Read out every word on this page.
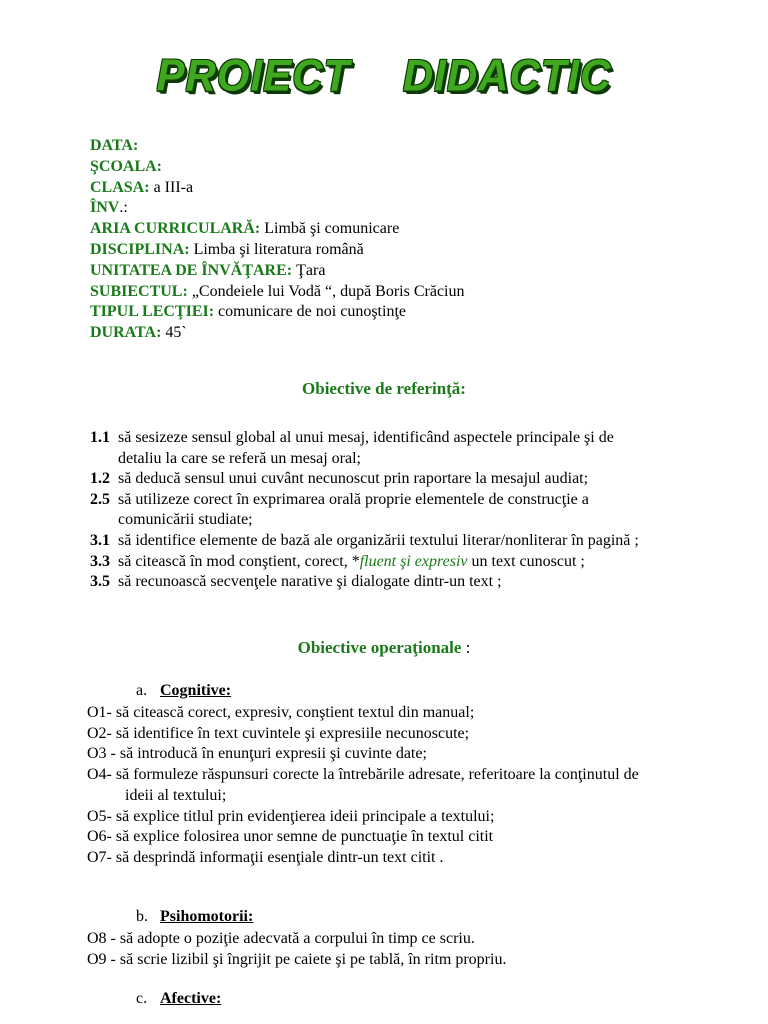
PROIECT DIDACTIC
DATA:
ŞCOALA:
CLASA: a III-a
ÎNV.:
ARIA CURRICULARĂ: Limbă şi comunicare
DISCIPLINA: Limba şi literatura română
UNITATEA DE ÎNVĂŢARE: Ţara
SUBIECTUL: „Condeiele lui Vodă “, după Boris Crăciun
TIPUL LECŢIEI: comunicare de noi cunoştinţe
DURATA: 45`
Obiective de referinţă:
1.1 să sesizeze sensul global al unui mesaj, identificând aspectele principale şi de
detaliu la care se referă un mesaj oral;
1.2 să deducă sensul unui cuvânt necunoscut prin raportare la mesajul audiat;
2.5 să utilizeze corect în exprimarea orală proprie elementele de construcţie a
comunicării studiate;
3.1 să identifice elemente de bază ale organizării textului literar/nonliterar în pagină ;
3.3 să citească în mod conştient, corect, *fluent şi expresiv un text cunoscut ;
3.5 să recunoască secvenţele narative şi dialogate dintr-un text ;
Obiective operaţionale :
a. Cognitive:
O1- să citească corect, expresiv, conştient textul din manual;
O2- să identifice în text cuvintele şi expresiile necunoscute;
O3 - să introducă în enunţuri expresii şi cuvinte date;
O4- să formuleze răspunsuri corecte la întrebările adresate, referitoare la conţinutul de
ideii al textului;
O5- să explice titlul prin evidenţierea ideii principale a textului;
O6- să explice folosirea unor semne de punctuaţie în textul citit
O7- să desprindă informaţii esenţiale dintr-un text citit .
b. Psihomotorii:
O8 - să adopte o poziţie adecvată a corpului în timp ce scriu.
O9 - să scrie lizibil şi îngrijit pe caiete şi pe tablă, în ritm propriu.
c. Afective:
